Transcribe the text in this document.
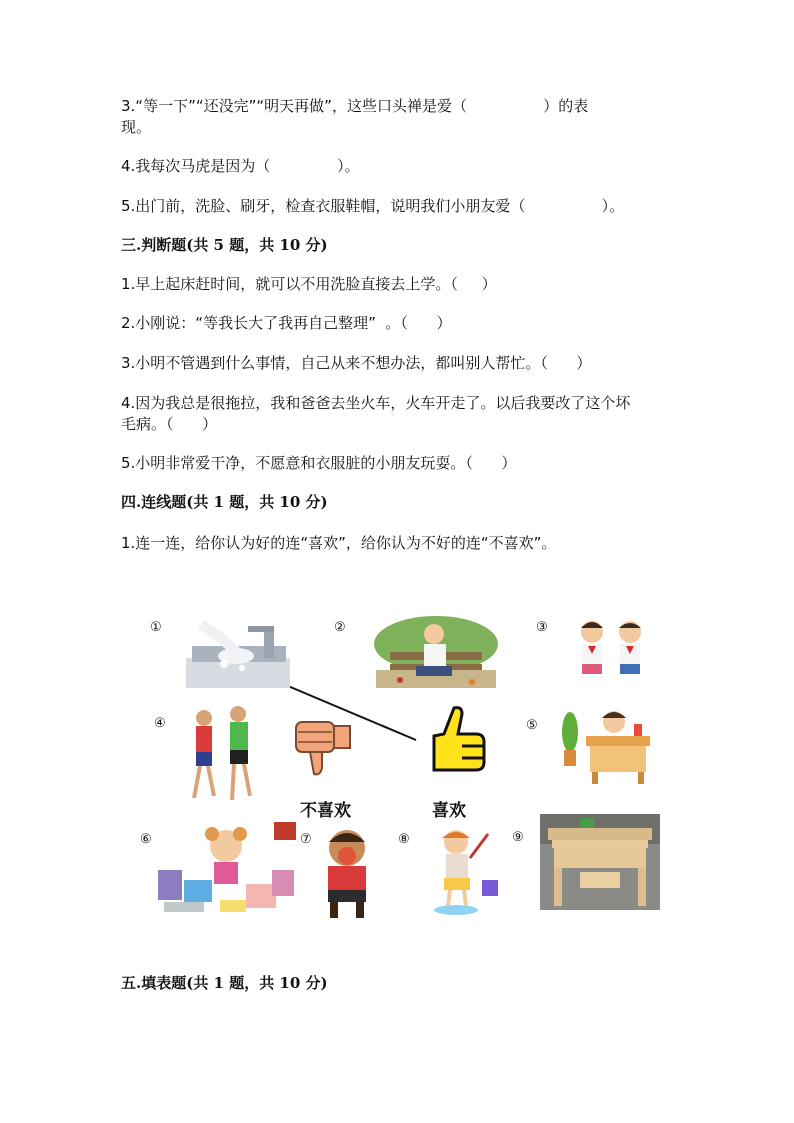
3.“等一下”“还没完”“明天再做”，这些口头禅是爱（                ）的表
现。
4.我每次马虎是因为（              ）。
5.出门前，洗脸、刷牙，检查衣服鞋帽，说明我们小朋友爱（                ）。
三.判断题(共 5 题，共 10 分)
1.早上起床赶时间，就可以不用洗脸直接去上学。（     ）
2.小刚说：“等我长大了我再自己整理”  。（      ）
3.小明不管遇到什么事情，自己从来不想办法，都叫别人帮忙。（      ）
4.因为我总是很拖拉，我和爸爸去坐火车，火车开走了。以后我要改了这个坏
毛病。（      ）
5.小明非常爱干净，不愿意和衣服脏的小朋友玩耍。（      ）
四.连线题(共 1 题，共 10 分)
1.连一连，给你认为好的连“喜欢”，给你认为不好的连“不喜欢”。
①	②	③
④
不喜欢	喜欢
⑤
⑥	⑦	⑧	⑨
五.填表题(共 1 题，共 10 分)
